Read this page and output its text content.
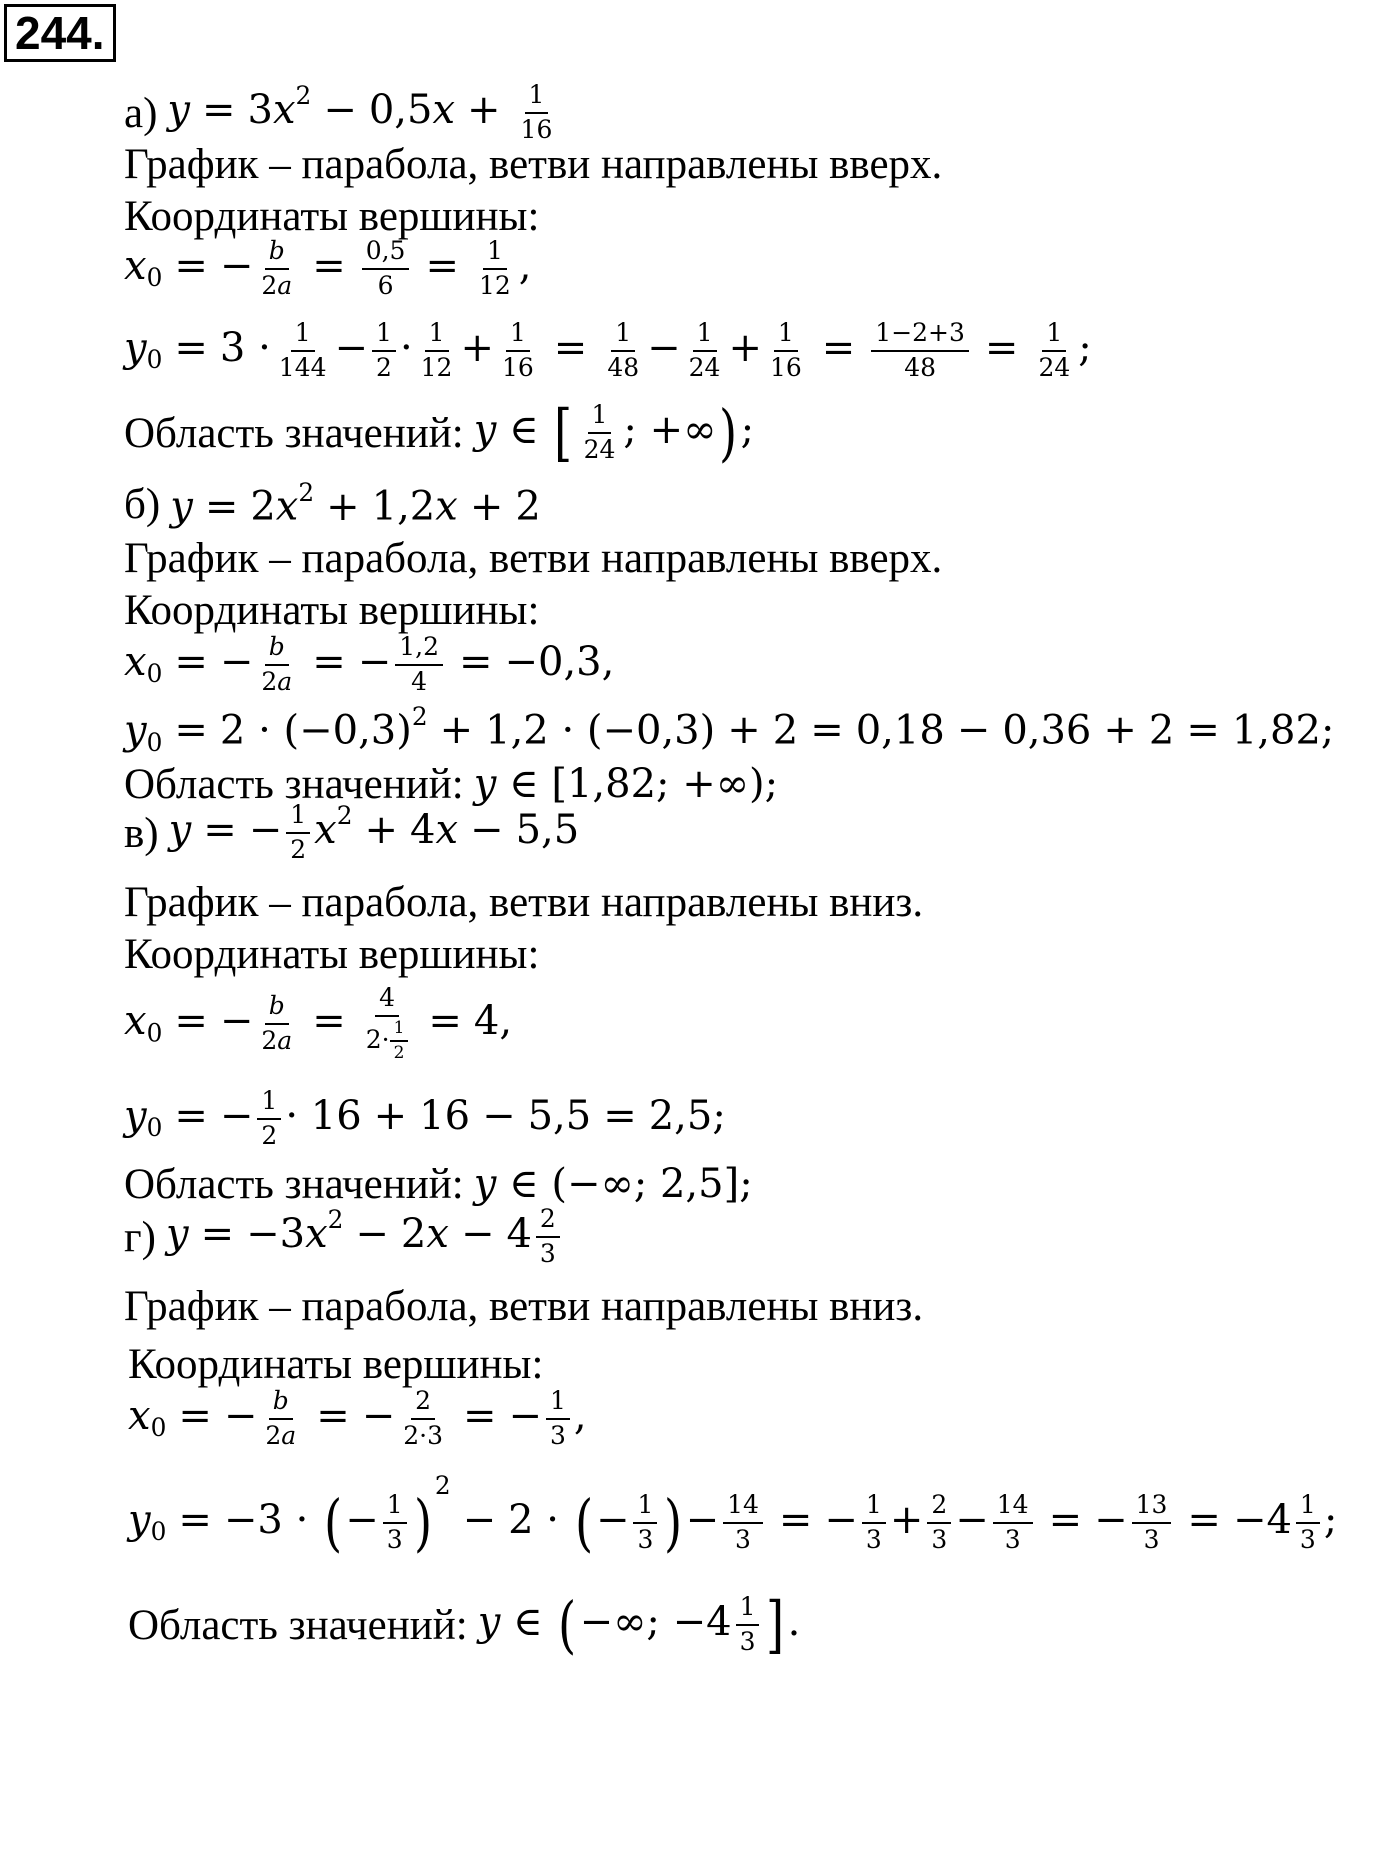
244.
а) $y = 3x^2 - 0,5x + \frac{1}{16}$
График – парабола, ветви направлены вверх.
Координаты вершины:
$x_0$ = − $\frac{b}{2a} = \frac{0,5}{6} = \frac{1}{12}$ ,
$y_0 = 3 \cdot \frac{1}{144} - \frac{1}{2} \cdot \frac{1}{12} + \frac{1}{16} = \frac{1}{48} - \frac{1}{24} + \frac{1}{16} = \frac{1-2+3}{48} = \frac{1}{24}$ ;
Область значений: y ∈ [ $\frac{1}{24}$ ; +∞);
б) $y = 2x^2 + 1,2x + 2$
График – парабола, ветви направлены вверх.
Координаты вершины:
$x_0$ = − $\frac{b}{2a}$ = − $\frac{1,2}{4} = -0,3$,
$y_0 = 2 \cdot (-0,3)^2 + 1,2 \cdot (-0,3) + 2 = 0,18 - 0,36 + 2 = 1,82$;
Область значений: y ∈ [1,82; +∞);
в) y = − $\frac{1}{2} x^2 + 4x - 5,5$
График – парабола, ветви направлены вниз.
Координаты вершины:
$x_0$ = − $\frac{b}{2a} = \frac{4}{2\cdot \frac{1}{2}} = 4$,
$y_0$ = − $\frac{1}{2} \cdot 16 + 16 - 5,5 = 2,5$;
Область значений: y ∈ (−∞; 2,5];
г) $y = -3x^2 - 2x - 4 \frac{2}{3}$
График – парабола, ветви направлены вниз.
Координаты вершины:
$x_0$ = − $\frac{b}{2a}$ = − $\frac{2}{2\cdot 3}$ = − $\frac{1}{3}$ ,
$y_0 = -3$ · (− $\frac{1}{3} )^2- 2$ · (− $\frac{1}{3}$ )− $\frac{14}{3}$ = − $\frac{1}{3} + \frac{2}{3} - \frac{14}{3}$ = − $\frac{13}{3} = -4 \frac{1}{3}$ ;
Область значений: y ∈ (−∞; $-4 \frac{1}{3}$ ].
